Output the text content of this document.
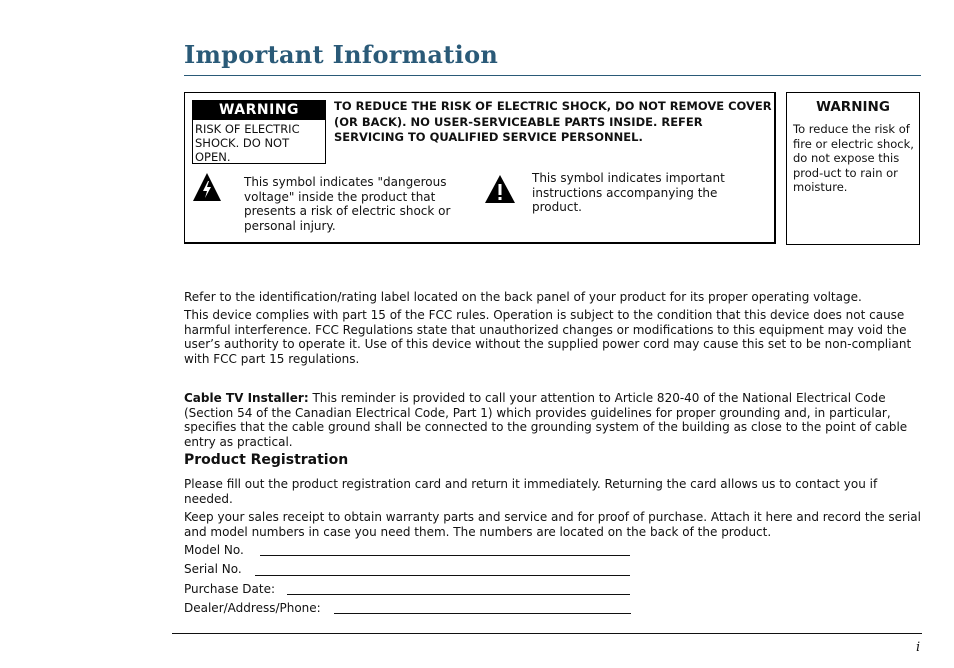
Important Information
WARNING
RISK OF ELECTRIC SHOCK. DO NOT OPEN.
TO REDUCE THE RISK OF ELECTRIC SHOCK, DO NOT REMOVE COVER (OR BACK). NO USER-SERVICEABLE PARTS INSIDE. REFER SERVICING TO QUALIFIED SERVICE PERSONNEL.
This symbol indicates "dangerous voltage" inside the product that presents a risk of electric shock or personal injury.
This symbol indicates important instructions accompanying the product.
WARNING
To reduce the risk of fire or electric shock, do not expose this prod-uct to rain or moisture.
Refer to the identification/rating label located on the back panel of your product for its proper operating voltage.
This device complies with part 15 of the FCC rules. Operation is subject to the condition that this device does not cause harmful interference. FCC Regulations state that unauthorized changes or modifications to this equipment may void the user’s authority to operate it. Use of this device without the supplied power cord may cause this set to be non-compliant with FCC part 15 regulations.
Cable TV Installer: This reminder is provided to call your attention to Article 820-40 of the National Electrical Code (Section 54 of the Canadian Electrical Code, Part 1) which provides guidelines for proper grounding and, in particular, specifies that the cable ground shall be connected to the grounding system of the building as close to the point of cable entry as practical.
Product Registration
Please fill out the product registration card and return it immediately. Returning the card allows us to contact you if needed.
Keep your sales receipt to obtain warranty parts and service and for proof of purchase. Attach it here and record the serial and model numbers in case you need them. The numbers are located on the back of the product.
Model No.
Serial No.
Purchase Date:
Dealer/Address/Phone:
i
